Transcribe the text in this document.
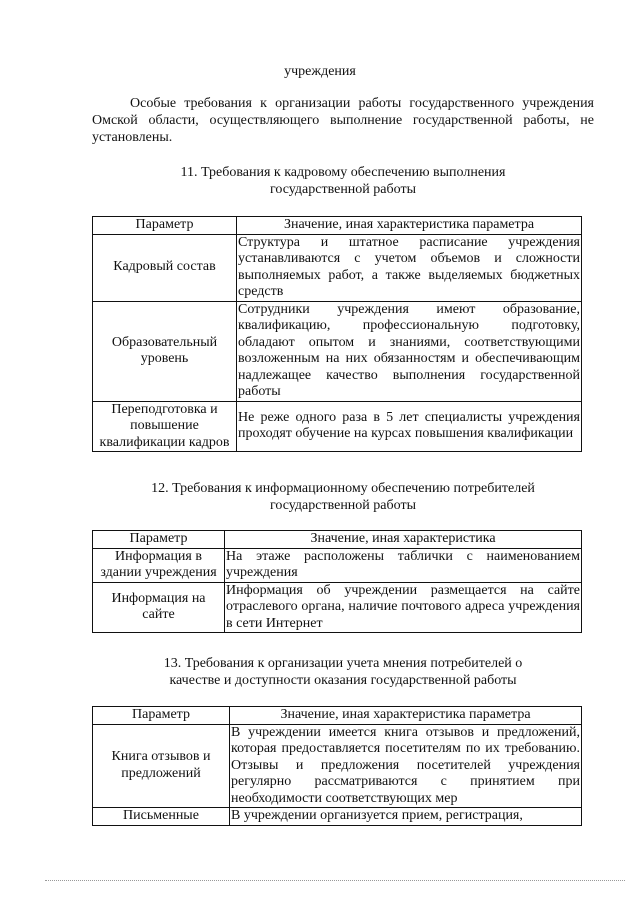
учреждения
Особые требования к организации работы государственного учреждения Омской области, осуществляющего выполнение государственной работы, не установлены.
11. Требования к кадровому обеспечению выполнения
государственной работы
Параметр	Значение, иная характеристика параметра
Кадровый состав	Структура и штатное расписание учреждения устанавливаются с учетом объемов и сложности выполняемых работ, а также выделяемых бюджетных средств
Образовательный уровень	Сотрудники учреждения имеют образование, квалификацию, профессиональную подготовку, обладают опытом и знаниями, соответствующими возложенным на них обязанностям и обеспечивающим надлежащее качество выполнения государственной работы
Переподготовка и повышение квалификации кадров	Не реже одного раза в 5 лет специалисты учреждения проходят обучение на курсах повышения квалификации
12. Требования к информационному обеспечению потребителей
государственной работы
Параметр	Значение, иная характеристика
Информация в здании учреждения	На этаже расположены таблички с наименованием учреждения
Информация на сайте	Информация об учреждении размещается на сайте отраслевого органа, наличие почтового адреса учреждения в сети Интернет
13. Требования к организации учета мнения потребителей о
качестве и доступности оказания государственной работы
Параметр	Значение, иная характеристика параметра
Книга отзывов и предложений	В учреждении имеется книга отзывов и предложений, которая предоставляется посетителям по их требованию. Отзывы и предложения посетителей учреждения регулярно рассматриваются с принятием при необходимости соответствующих мер
Письменные	В учреждении организуется прием, регистрация,
